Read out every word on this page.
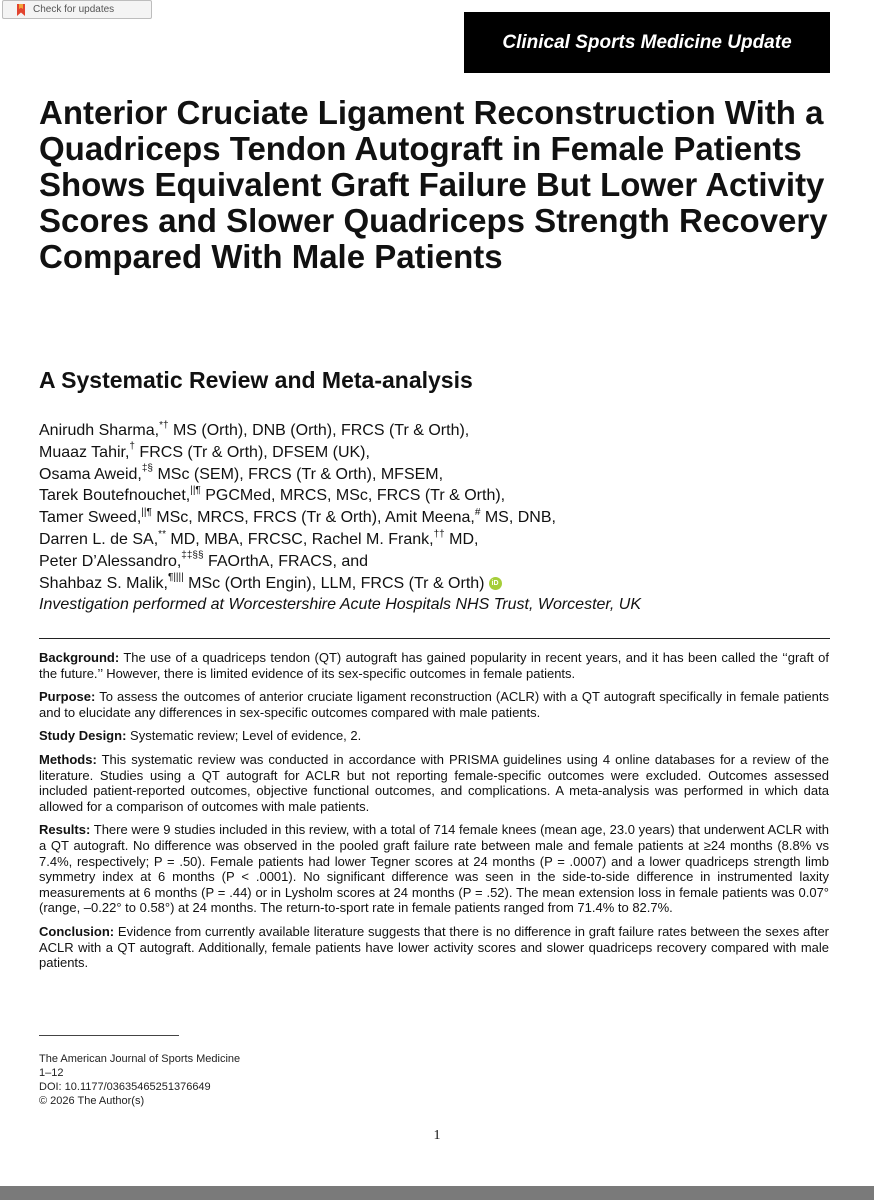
Check for updates
Clinical Sports Medicine Update
Anterior Cruciate Ligament Reconstruction With a Quadriceps Tendon Autograft in Female Patients Shows Equivalent Graft Failure But Lower Activity Scores and Slower Quadriceps Strength Recovery Compared With Male Patients
A Systematic Review and Meta-analysis
Anirudh Sharma,*† MS (Orth), DNB (Orth), FRCS (Tr & Orth),
Muaaz Tahir,† FRCS (Tr & Orth), DFSEM (UK),
Osama Aweid,‡§ MSc (SEM), FRCS (Tr & Orth), MFSEM,
Tarek Boutefnouchet,||¶ PGCMed, MRCS, MSc, FRCS (Tr & Orth),
Tamer Sweed,||¶ MSc, MRCS, FRCS (Tr & Orth), Amit Meena,# MS, DNB,
Darren L. de SA,** MD, MBA, FRCSC, Rachel M. Frank,†† MD,
Peter D’Alessandro,‡‡§§ FAOrthA, FRACS, and
Shahbaz S. Malik,¶|||| MSc (Orth Engin), LLM, FRCS (Tr & Orth) iD
Investigation performed at Worcestershire Acute Hospitals NHS Trust, Worcester, UK

Background: The use of a quadriceps tendon (QT) autograft has gained popularity in recent years, and it has been called the ‘‘graft of the future.’’ However, there is limited evidence of its sex-specific outcomes in female patients.

Purpose: To assess the outcomes of anterior cruciate ligament reconstruction (ACLR) with a QT autograft specifically in female patients and to elucidate any differences in sex-specific outcomes compared with male patients.

Study Design: Systematic review; Level of evidence, 2.

Methods: This systematic review was conducted in accordance with PRISMA guidelines using 4 online databases for a review of the literature. Studies using a QT autograft for ACLR but not reporting female-specific outcomes were excluded. Outcomes assessed included patient-reported outcomes, objective functional outcomes, and complications. A meta-analysis was performed in which data allowed for a comparison of outcomes with male patients.

Results: There were 9 studies included in this review, with a total of 714 female knees (mean age, 23.0 years) that underwent ACLR with a QT autograft. No difference was observed in the pooled graft failure rate between male and female patients at ≥24 months (8.8% vs 7.4%, respectively; P = .50). Female patients had lower Tegner scores at 24 months (P = .0007) and a lower quadriceps strength limb symmetry index at 6 months (P < .0001). No significant difference was seen in the side-to-side difference in instrumented laxity measurements at 6 months (P = .44) or in Lysholm scores at 24 months (P = .52). The mean extension loss in female patients was 0.07° (range, –0.22° to 0.58°) at 24 months. The return-to-sport rate in female patients ranged from 71.4% to 82.7%.

Conclusion: Evidence from currently available literature suggests that there is no difference in graft failure rates between the sexes after ACLR with a QT autograft. Additionally, female patients have lower activity scores and slower quadriceps recovery compared with male patients.

The American Journal of Sports Medicine
1–12
DOI: 10.1177/03635465251376649
© 2026 The Author(s)
1
